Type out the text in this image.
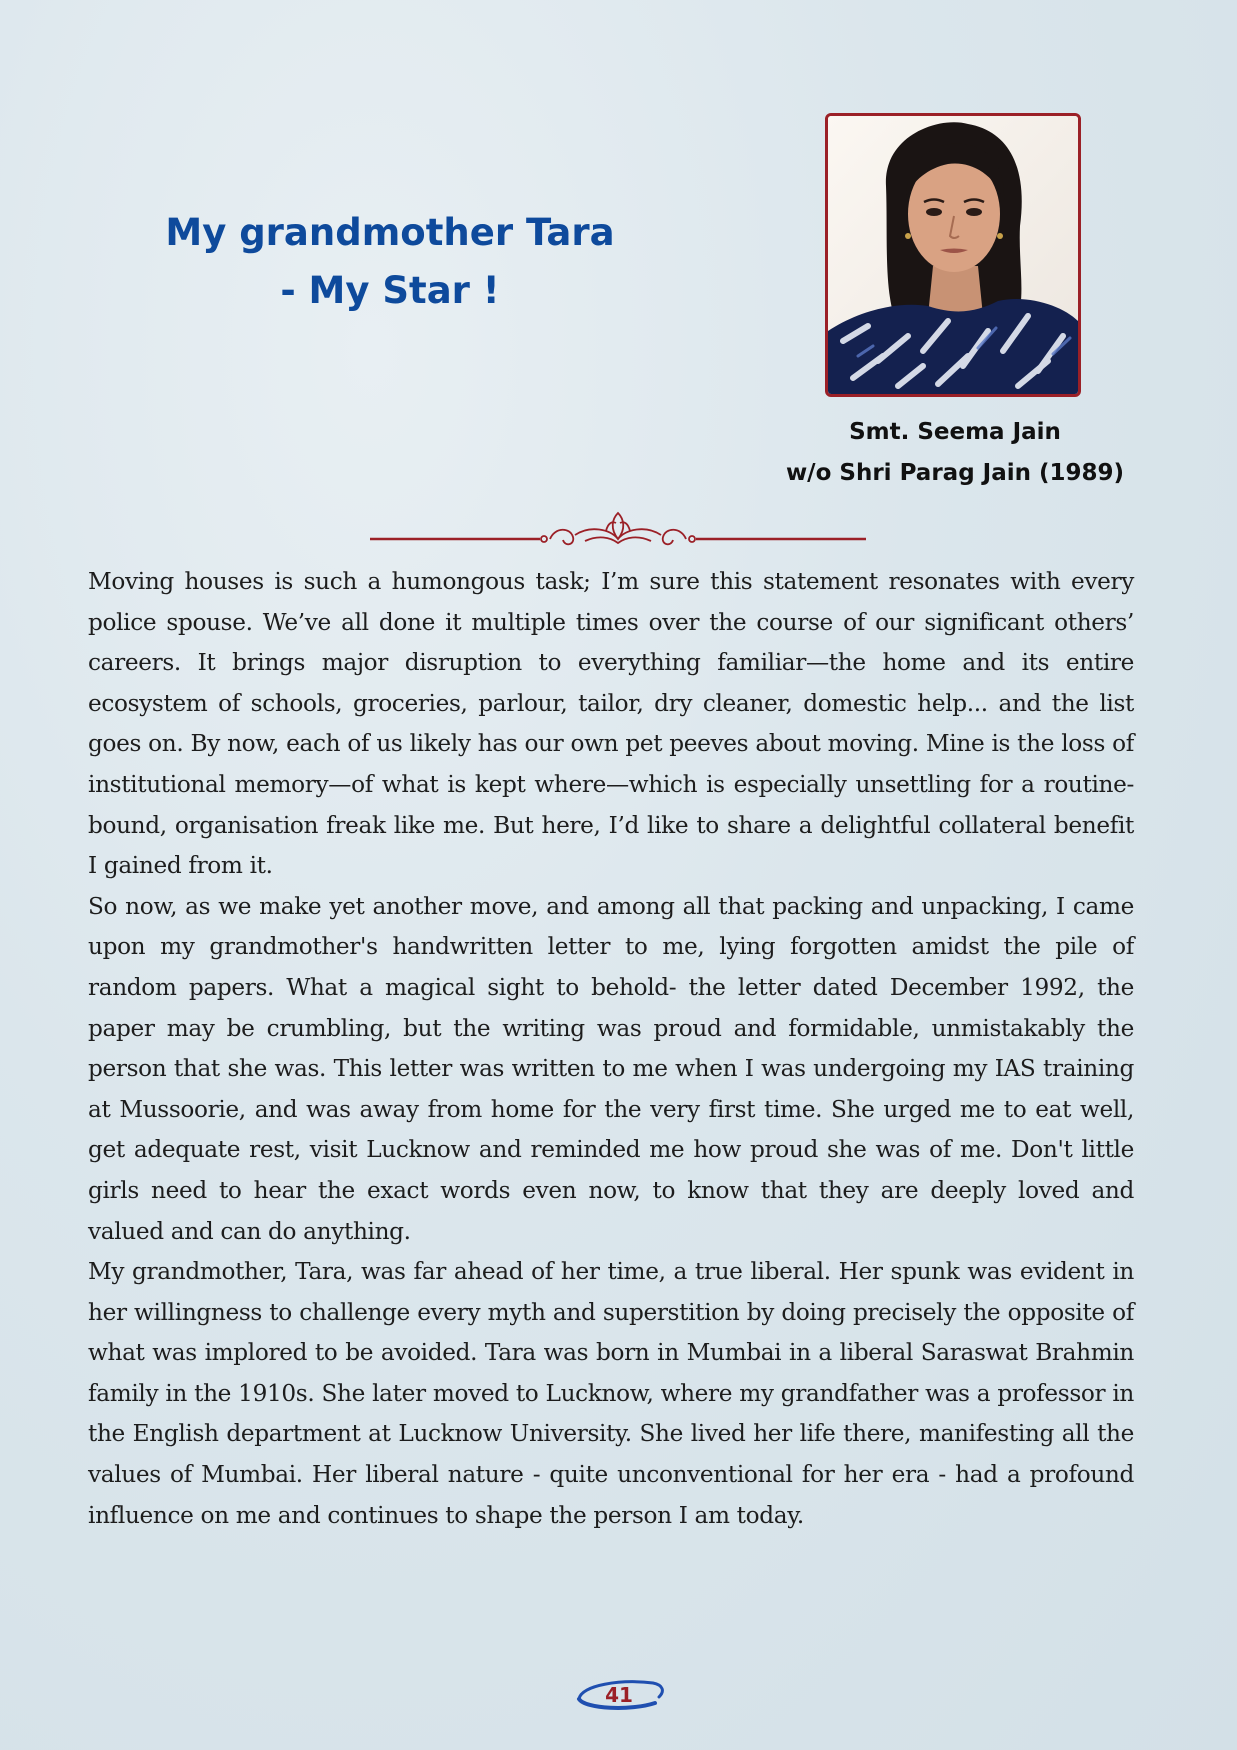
My grandmother Tara
- My Star !
Smt. Seema Jain
w/o Shri Parag Jain (1989)

Moving houses is such a humongous task; I’m sure this statement resonates with every police spouse. We’ve all done it multiple times over the course of our significant others’ careers. It brings major disruption to everything familiar—the home and its entire ecosystem of schools, groceries, parlour, tailor, dry cleaner, domestic help... and the list goes on. By now, each of us likely has our own pet peeves about moving. Mine is the loss of institutional memory—of what is kept where—which is especially unsettling for a routine-bound, organisation freak like me. But here, I’d like to share a delightful collateral benefit I gained from it.

So now, as we make yet another move, and among all that packing and unpacking, I came upon my grandmother's handwritten letter to me, lying forgotten amidst the pile of random papers. What a magical sight to behold- the letter dated December 1992, the paper may be crumbling, but the writing was proud and formidable, unmistakably the person that she was. This letter was written to me when I was undergoing my IAS training at Mussoorie, and was away from home for the very first time. She urged me to eat well, get adequate rest, visit Lucknow and reminded me how proud she was of me. Don't little girls need to hear the exact words even now, to know that they are deeply loved and valued and can do anything.

My grandmother, Tara, was far ahead of her time, a true liberal. Her spunk was evident in her willingness to challenge every myth and superstition by doing precisely the opposite of what was implored to be avoided. Tara was born in Mumbai in a liberal Saraswat Brahmin family in the 1910s. She later moved to Lucknow, where my grandfather was a professor in the English department at Lucknow University. She lived her life there, manifesting all the values of Mumbai. Her liberal nature - quite unconventional for her era - had a profound influence on me and continues to shape the person I am today.

41
